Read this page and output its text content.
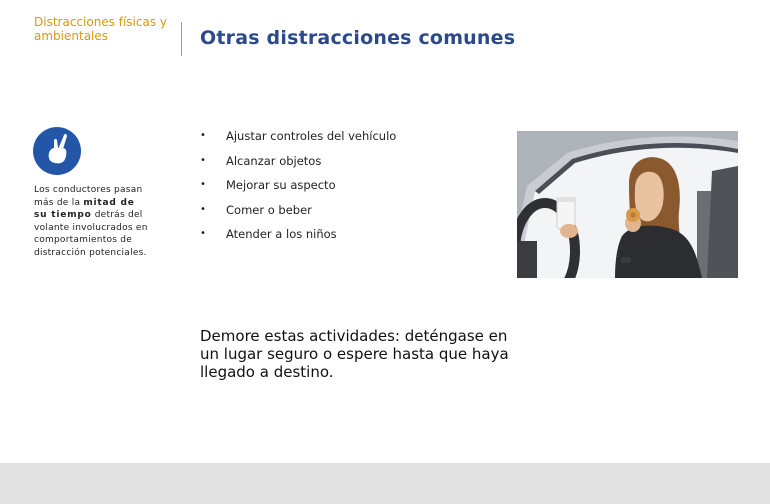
Distracciones físicas y ambientales	Otras distracciones comunes
Los conductores pasan más de la mitad de su tiempo detrás del volante involucrados en comportamientos de distracción potenciales.
•	Ajustar controles del vehículo
•	Alcanzar objetos
•	Mejorar su aspecto
•	Comer o beber
•	Atender a los niños
Demore estas actividades: deténgase en un lugar seguro o espere hasta que haya llegado a destino.
